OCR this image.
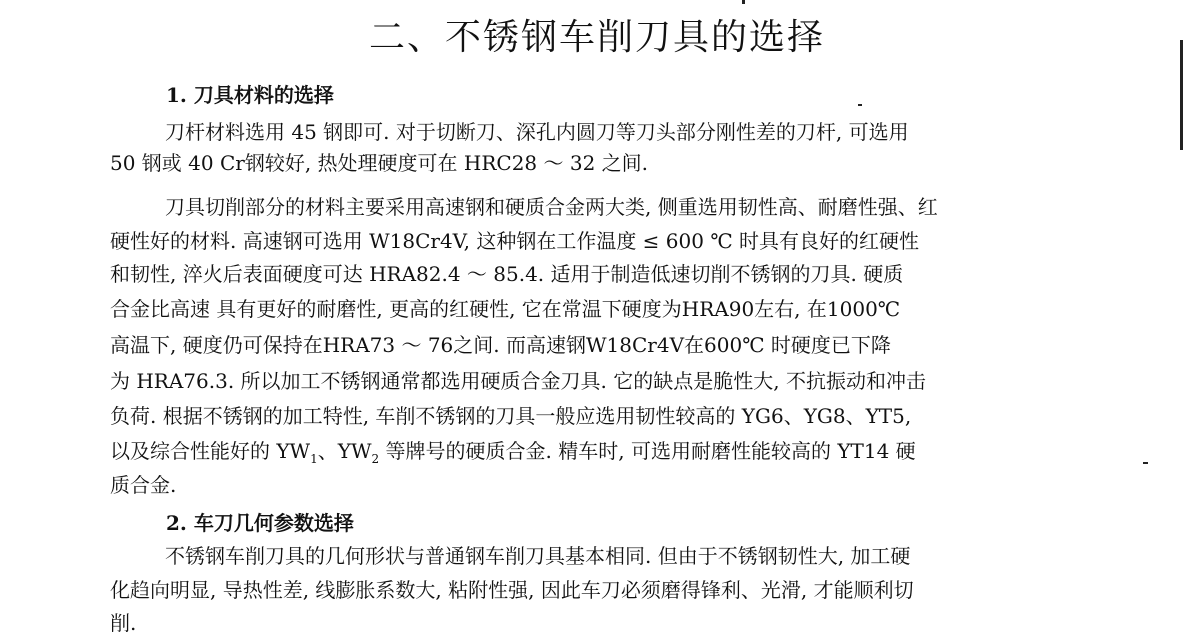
二、不锈钢车削刀具的选择
1. 刀具材料的选择
刀杆材料选用 45 钢即可. 对于切断刀、深孔内圆刀等刀头部分刚性差的刀杆, 可选用
50 钢或 40 Cr钢较好, 热处理硬度可在 HRC28 ～ 32 之间.
刀具切削部分的材料主要采用高速钢和硬质合金两大类, 侧重选用韧性高、耐磨性强、红
硬性好的材料. 高速钢可选用 W18Cr4V, 这种钢在工作温度 ≤ 600 ℃ 时具有良好的红硬性
和韧性, 淬火后表面硬度可达 HRA82.4 ～ 85.4. 适用于制造低速切削不锈钢的刀具. 硬质
合金比高速 具有更好的耐磨性, 更高的红硬性, 它在常温下硬度为HRA90左右, 在1000℃
高温下, 硬度仍可保持在HRA73 ～ 76之间. 而高速钢W18Cr4V在600℃ 时硬度已下降
为 HRA76.3. 所以加工不锈钢通常都选用硬质合金刀具. 它的缺点是脆性大, 不抗振动和冲击
负荷. 根据不锈钢的加工特性, 车削不锈钢的刀具一般应选用韧性较高的 YG6、YG8、YT5,
以及综合性能好的 $YW_1$、$YW_2$ 等牌号的硬质合金. 精车时, 可选用耐磨性能较高的 YT14 硬
质合金.
2. 车刀几何参数选择
不锈钢车削刀具的几何形状与普通钢车削刀具基本相同. 但由于不锈钢韧性大, 加工硬
化趋向明显, 导热性差, 线膨胀系数大, 粘附性强, 因此车刀必须磨得锋利、光滑, 才能顺利切
削.
